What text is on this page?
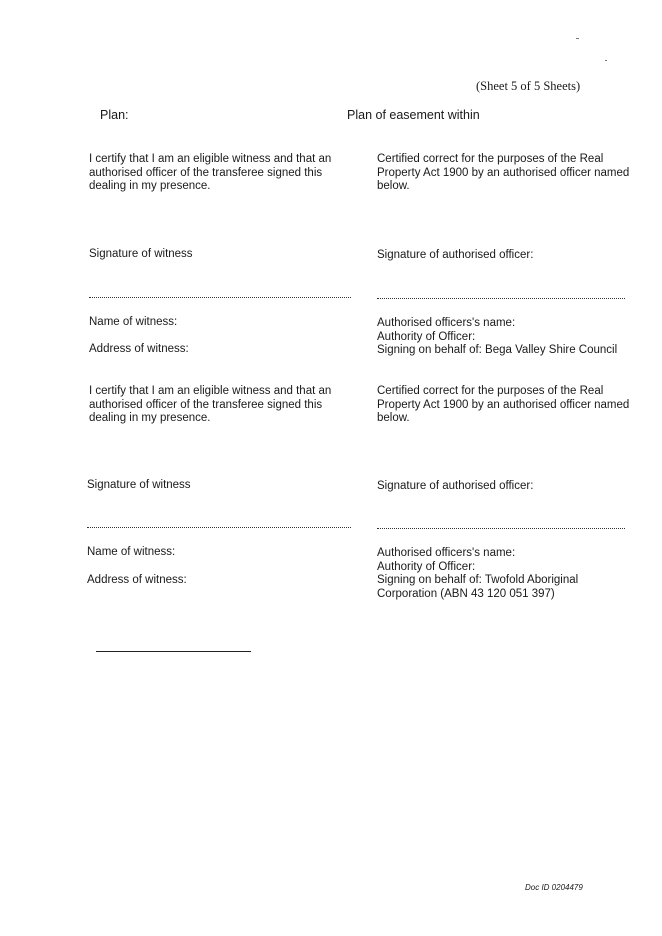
(Sheet 5 of 5 Sheets)
Plan:	Plan of easement within

I certify that I am an eligible witness and that an authorised officer of the transferee signed this dealing in my presence.

Certified correct for the purposes of the Real Property Act 1900 by an authorised officer named below.

Signature of witness	Signature of authorised officer:
Name of witness:
Address of witness:

Authorised officers's name:

Authority of Officer:

Signing on behalf of: Bega Valley Shire Council

I certify that I am an eligible witness and that an authorised officer of the transferee signed this dealing in my presence.

Certified correct for the purposes of the Real Property Act 1900 by an authorised officer named below.

Signature of witness	Signature of authorised officer:
Name of witness:
Address of witness:

Authorised officers's name:

Authority of Officer:

Signing on behalf of: Twofold Aboriginal Corporation (ABN 43 120 051 397)

Doc ID 0204479
